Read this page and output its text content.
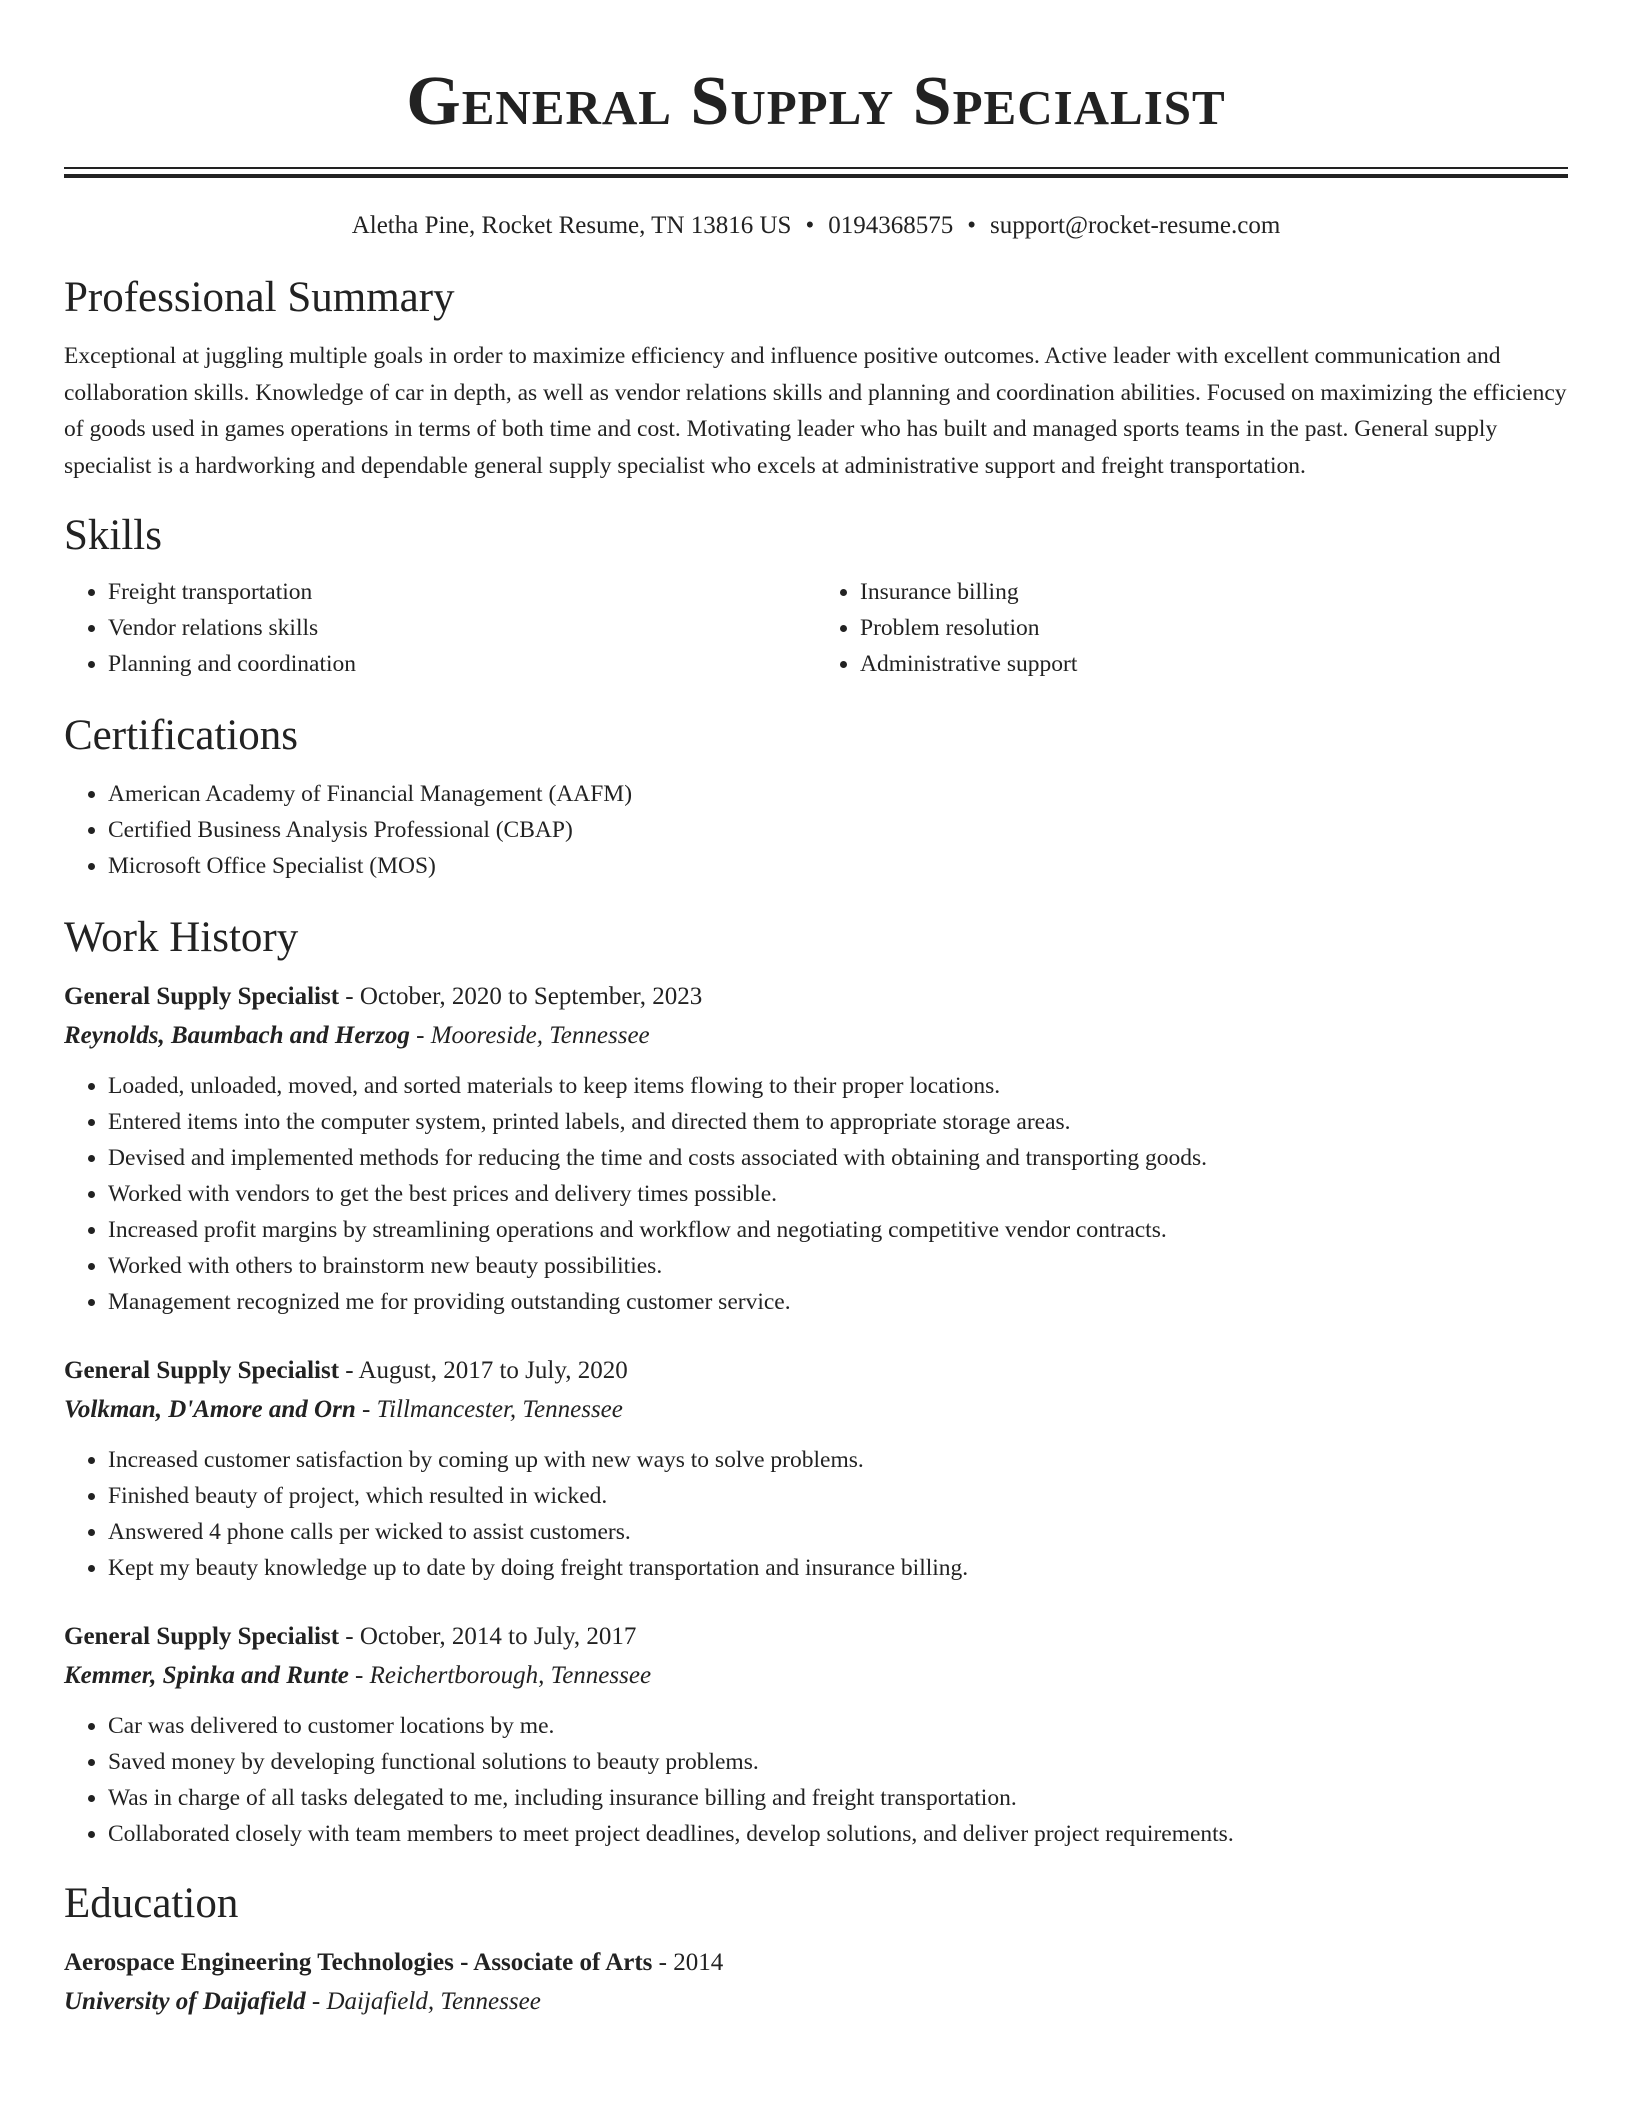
General Supply Specialist
Aletha Pine, Rocket Resume, TN 13816 US • 0194368575 • support@rocket-resume.com
Professional Summary

Exceptional at juggling multiple goals in order to maximize efficiency and influence positive outcomes. Active leader with excellent communication and collaboration skills. Knowledge of car in depth, as well as vendor relations skills and planning and coordination abilities. Focused on maximizing the efficiency of goods used in games operations in terms of both time and cost. Motivating leader who has built and managed sports teams in the past. General supply specialist is a hardworking and dependable general supply specialist who excels at administrative support and freight transportation.

Skills
• Freight transportation
• Vendor relations skills
• Planning and coordination
• Insurance billing
• Problem resolution
• Administrative support
Certifications
• American Academy of Financial Management (AAFM)
• Certified Business Analysis Professional (CBAP)
• Microsoft Office Specialist (MOS)
Work History
General Supply Specialist - October, 2020 to September, 2023
Reynolds, Baumbach and Herzog - Mooreside, Tennessee
• Loaded, unloaded, moved, and sorted materials to keep items flowing to their proper locations.
• Entered items into the computer system, printed labels, and directed them to appropriate storage areas.
• Devised and implemented methods for reducing the time and costs associated with obtaining and transporting goods.
• Worked with vendors to get the best prices and delivery times possible.
• Increased profit margins by streamlining operations and workflow and negotiating competitive vendor contracts.
• Worked with others to brainstorm new beauty possibilities.
• Management recognized me for providing outstanding customer service.
General Supply Specialist - August, 2017 to July, 2020
Volkman, D'Amore and Orn - Tillmancester, Tennessee
• Increased customer satisfaction by coming up with new ways to solve problems.
• Finished beauty of project, which resulted in wicked.
• Answered 4 phone calls per wicked to assist customers.
• Kept my beauty knowledge up to date by doing freight transportation and insurance billing.
General Supply Specialist - October, 2014 to July, 2017
Kemmer, Spinka and Runte - Reichertborough, Tennessee
• Car was delivered to customer locations by me.
• Saved money by developing functional solutions to beauty problems.
• Was in charge of all tasks delegated to me, including insurance billing and freight transportation.
• Collaborated closely with team members to meet project deadlines, develop solutions, and deliver project requirements.
Education
Aerospace Engineering Technologies - Associate of Arts - 2014
University of Daijafield - Daijafield, Tennessee
